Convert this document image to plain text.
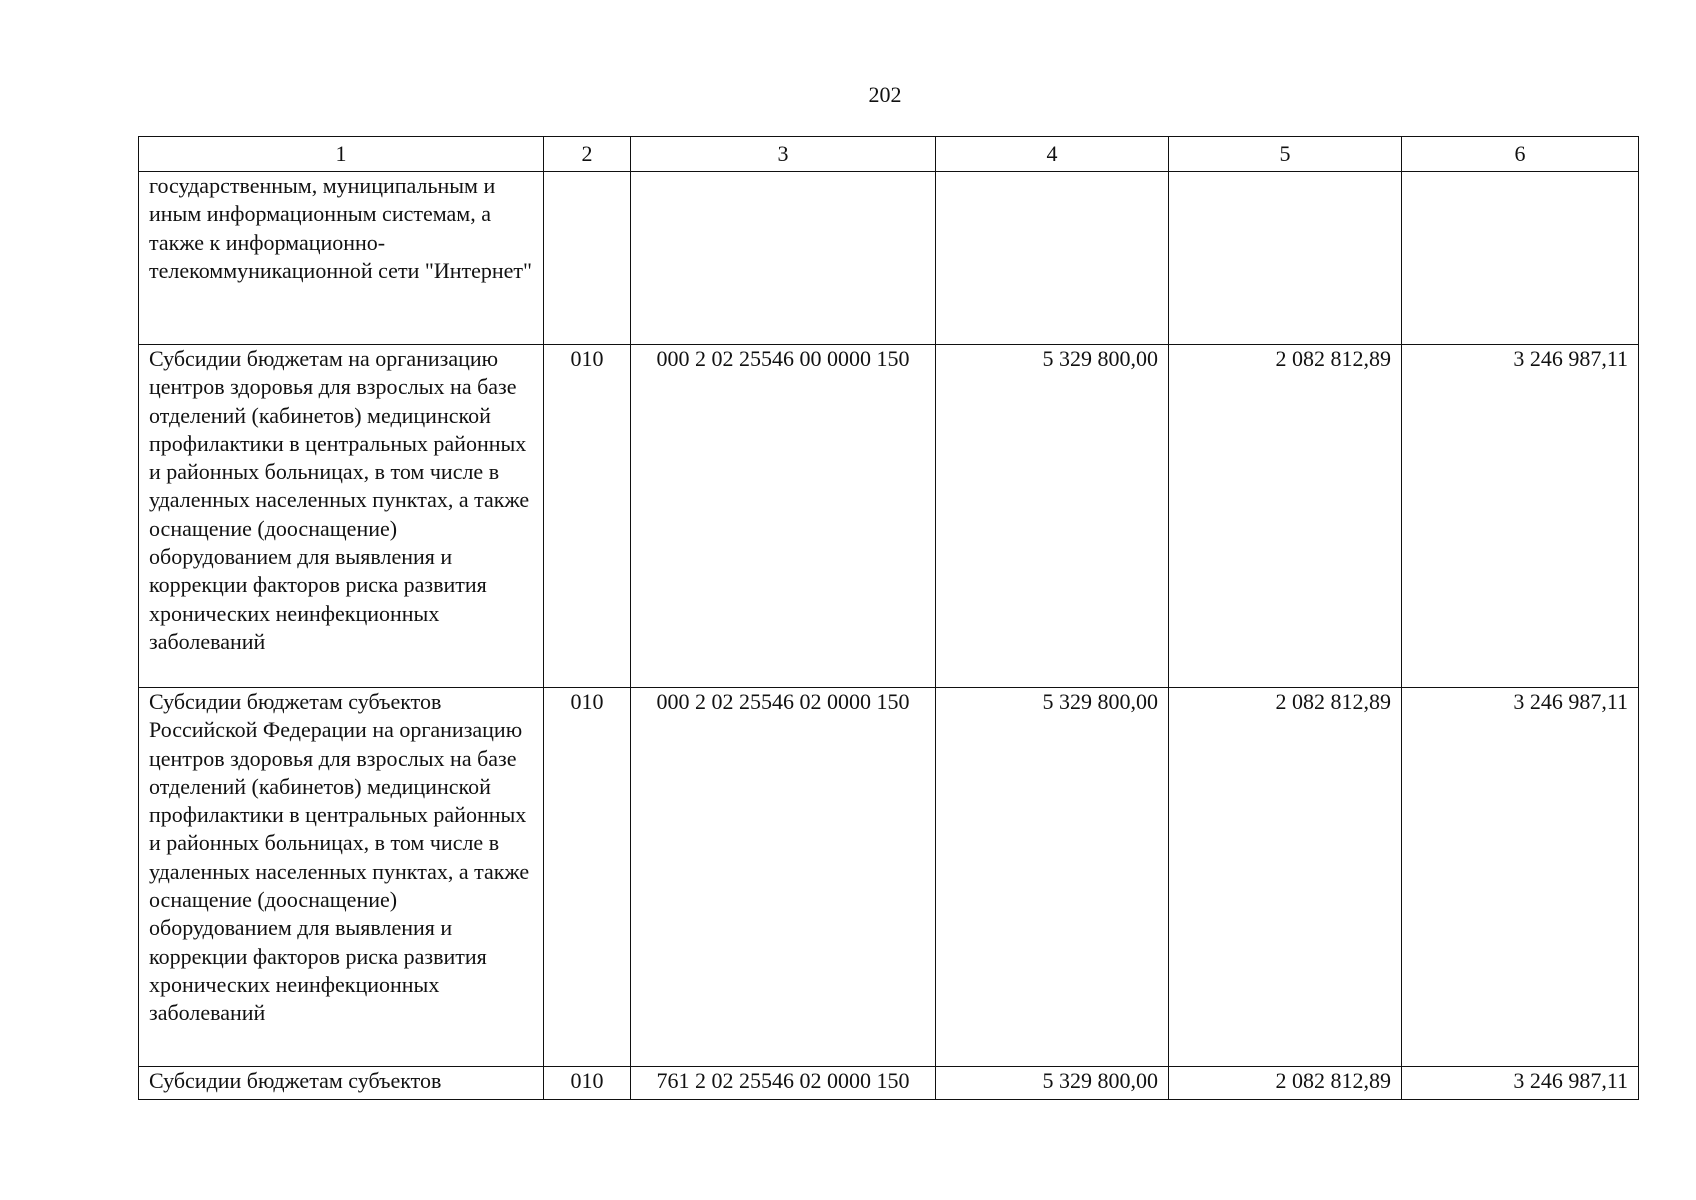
202
1	2	3	4	5	6
государственным, муниципальным и иным информационным системам, а также к информационно-телекоммуникационной сети "Интернет"					
Субсидии бюджетам на организацию центров здоровья для взрослых на базе отделений (кабинетов) медицинской профилактики в центральных районных и районных больницах, в том числе в удаленных населенных пунктах, а также оснащение (дооснащение) оборудованием для выявления и коррекции факторов риска развития хронических неинфекционных заболеваний	010	000 2 02 25546 00 0000 150	5 329 800,00	2 082 812,89	3 246 987,11
Субсидии бюджетам субъектов Российской Федерации на организацию центров здоровья для взрослых на базе отделений (кабинетов) медицинской профилактики в центральных районных и районных больницах, в том числе в удаленных населенных пунктах, а также оснащение (дооснащение) оборудованием для выявления и коррекции факторов риска развития хронических неинфекционных заболеваний	010	000 2 02 25546 02 0000 150	5 329 800,00	2 082 812,89	3 246 987,11
Субсидии бюджетам субъектов	010	761 2 02 25546 02 0000 150	5 329 800,00	2 082 812,89	3 246 987,11
